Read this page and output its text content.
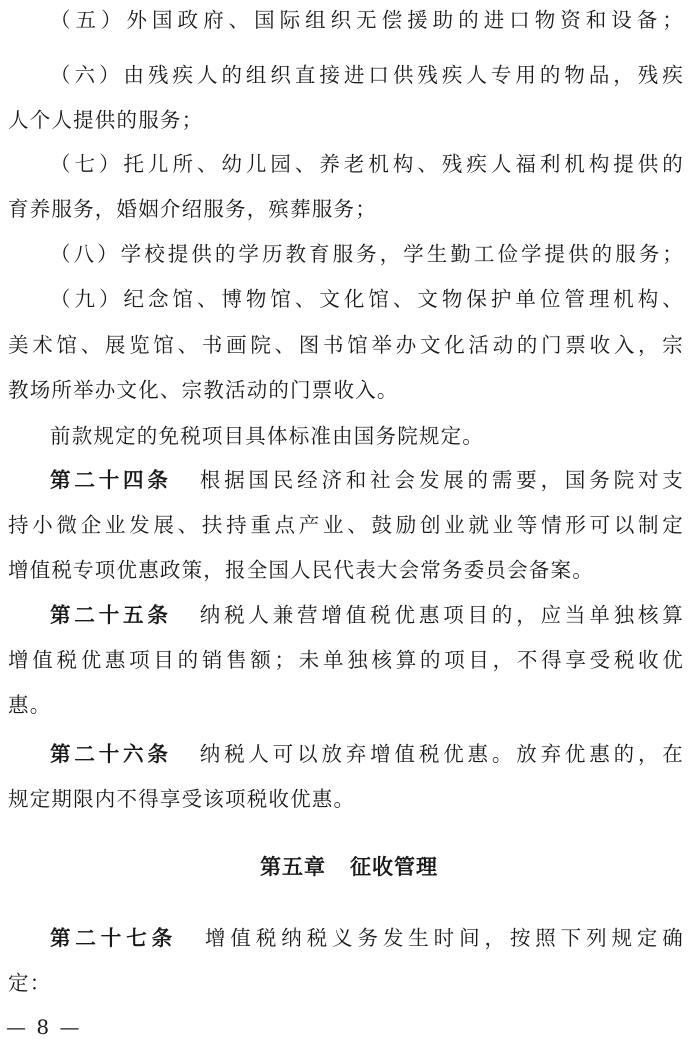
（五）外国政府、国际组织无偿援助的进口物资和设备；
（六）由残疾人的组织直接进口供残疾人专用的物品，残疾
人个人提供的服务；
（七）托儿所、幼儿园、养老机构、残疾人福利机构提供的
育养服务，婚姻介绍服务，殡葬服务；
（八）学校提供的学历教育服务，学生勤工俭学提供的服务；
（九）纪念馆、博物馆、文化馆、文物保护单位管理机构、
美术馆、展览馆、书画院、图书馆举办文化活动的门票收入，宗
教场所举办文化、宗教活动的门票收入。
前款规定的免税项目具体标准由国务院规定。
第二十四条 根据国民经济和社会发展的需要，国务院对支
持小微企业发展、扶持重点产业、鼓励创业就业等情形可以制定
增值税专项优惠政策，报全国人民代表大会常务委员会备案。
第二十五条 纳税人兼营增值税优惠项目的，应当单独核算
增值税优惠项目的销售额；未单独核算的项目，不得享受税收优
惠。
第二十六条 纳税人可以放弃增值税优惠。放弃优惠的，在
规定期限内不得享受该项税收优惠。
第五章 征收管理
第二十七条 增值税纳税义务发生时间，按照下列规定确
定：
— 8 —
